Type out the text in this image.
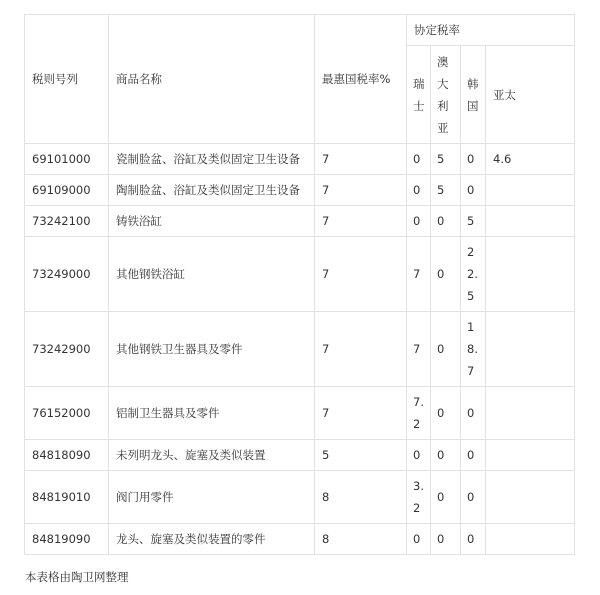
税则号列	商品名称	最惠国税率%	协定税率			
			瑞士	澳大利亚	韩国	亚太
69101000	瓷制脸盆、浴缸及类似固定卫生设备	7	0	5	0	4.6
69109000	陶制脸盆、浴缸及类似固定卫生设备	7	0	5	0	
73242100	铸铁浴缸	7	0	0	5	
73249000	其他钢铁浴缸	7	7	0	22.5	
73242900	其他钢铁卫生器具及零件	7	7	0	18.7	
76152000	铝制卫生器具及零件	7	7.2	0	0	
84818090	未列明龙头、旋塞及类似装置	5	0	0	0	
84819010	阀门用零件	8	3.2	0	0	
84819090	龙头、旋塞及类似装置的零件	8	0	0	0	
本表格由陶卫网整理
